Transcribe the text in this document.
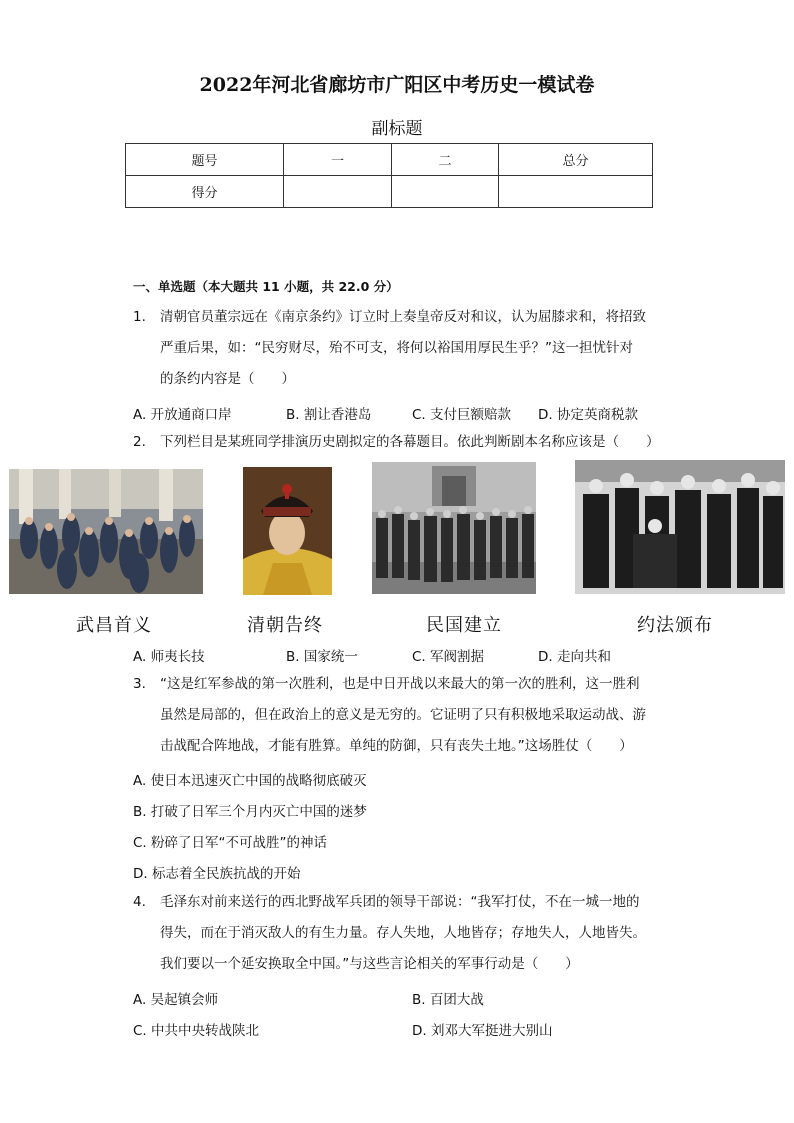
2022年河北省廊坊市广阳区中考历史一模试卷
副标题
题号	一	二	总分
得分			
一、单选题（本大题共 11 小题，共 22.0 分）
1. 清朝官员董宗远在《南京条约》订立时上奏皇帝反对和议，认为屈膝求和，将招致
严重后果，如：“民穷财尽，殆不可支，将何以裕国用厚民生乎？”这一担忧针对
的条约内容是（　　）
A. 开放通商口岸	B. 割让香港岛	C. 支付巨额赔款 D. 协定英商税款
2. 下列栏目是某班同学排演历史剧拟定的各幕题目。依此判断剧本名称应该是（　　）
武昌首义	清朝告终	民国建立	约法颁布
A. 师夷长技	B. 国家统一	C. 军阀割据	D. 走向共和
3. “这是红军参战的第一次胜利，也是中日开战以来最大的第一次的胜利，这一胜利
虽然是局部的，但在政治上的意义是无穷的。它证明了只有积极地采取运动战、游
击战配合阵地战，才能有胜算。单纯的防御，只有丧失土地。”这场胜仗（　　）
A. 使日本迅速灭亡中国的战略彻底破灭
B. 打破了日军三个月内灭亡中国的迷梦
C. 粉碎了日军“不可战胜”的神话
D. 标志着全民族抗战的开始
4. 毛泽东对前来送行的西北野战军兵团的领导干部说：“我军打仗，不在一城一地的
得失，而在于消灭敌人的有生力量。存人失地，人地皆存；存地失人，人地皆失。
我们要以一个延安换取全中国。”与这些言论相关的军事行动是（　　）
A. 吴起镇会师	B. 百团大战
C. 中共中央转战陕北	D. 刘邓大军挺进大别山
